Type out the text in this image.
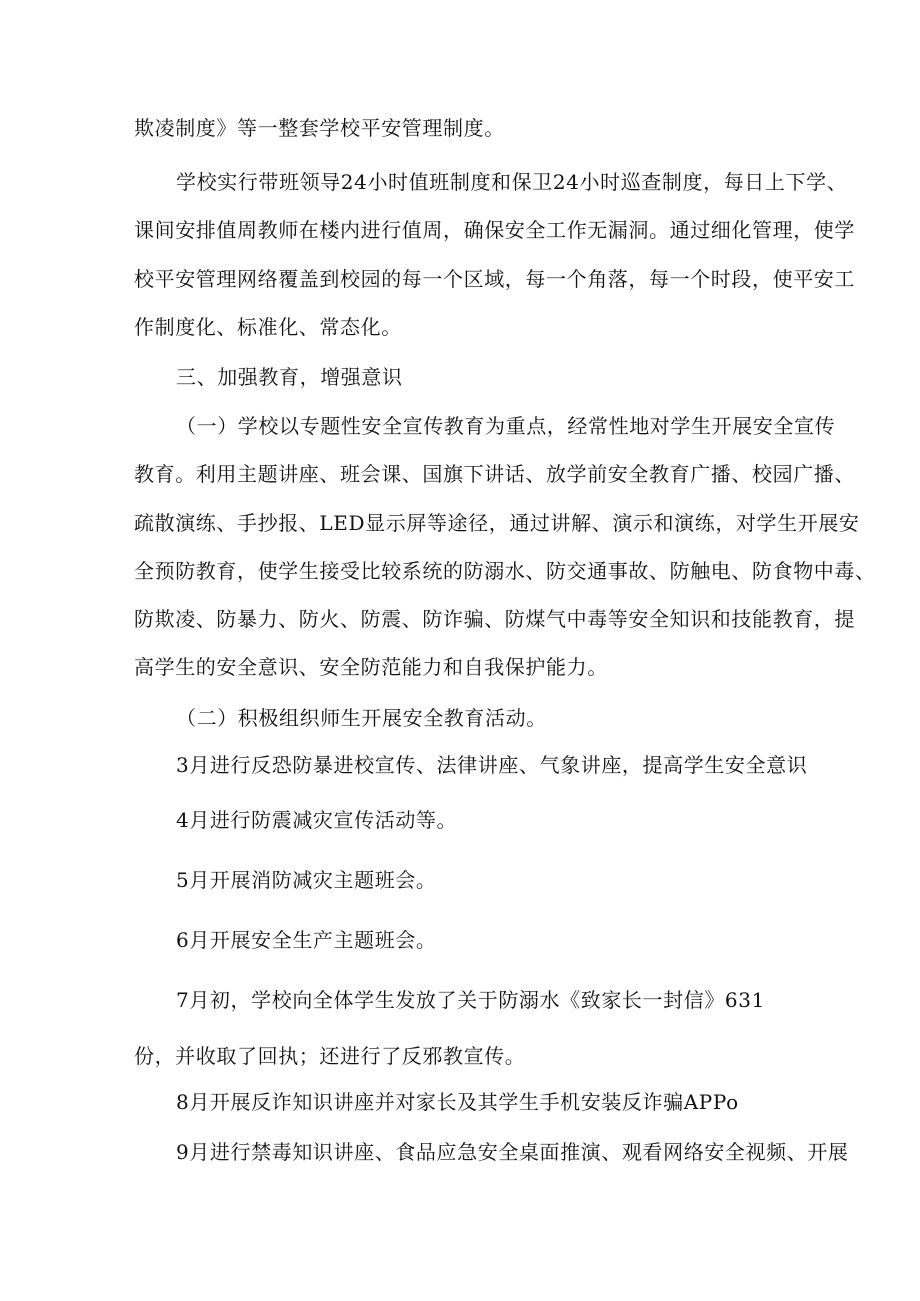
欺凌制度》等一整套学校平安管理制度。
学校实行带班领导24小时值班制度和保卫24小时巡查制度，每日上下学、
课间安排值周教师在楼内进行值周，确保安全工作无漏洞。通过细化管理，使学
校平安管理网络覆盖到校园的每一个区域，每一个角落，每一个时段，使平安工
作制度化、标准化、常态化。
三、加强教育，增强意识
（一）学校以专题性安全宣传教育为重点，经常性地对学生开展安全宣传
教育。利用主题讲座、班会课、国旗下讲话、放学前安全教育广播、校园广播、
疏散演练、手抄报、LED显示屏等途径，通过讲解、演示和演练，对学生开展安
全预防教育，使学生接受比较系统的防溺水、防交通事故、防触电、防食物中毒、
防欺凌、防暴力、防火、防震、防诈骗、防煤气中毒等安全知识和技能教育，提
高学生的安全意识、安全防范能力和自我保护能力。
（二）积极组织师生开展安全教育活动。
3月进行反恐防暴进校宣传、法律讲座、气象讲座，提高学生安全意识
4月进行防震减灾宣传活动等。
5月开展消防减灾主题班会。
6月开展安全生产主题班会。
7月初，学校向全体学生发放了关于防溺水《致家长一封信》631
份，并收取了回执；还进行了反邪教宣传。
8月开展反诈知识讲座并对家长及其学生手机安装反诈骗APPo
9月进行禁毒知识讲座、食品应急安全桌面推演、观看网络安全视频、开展
